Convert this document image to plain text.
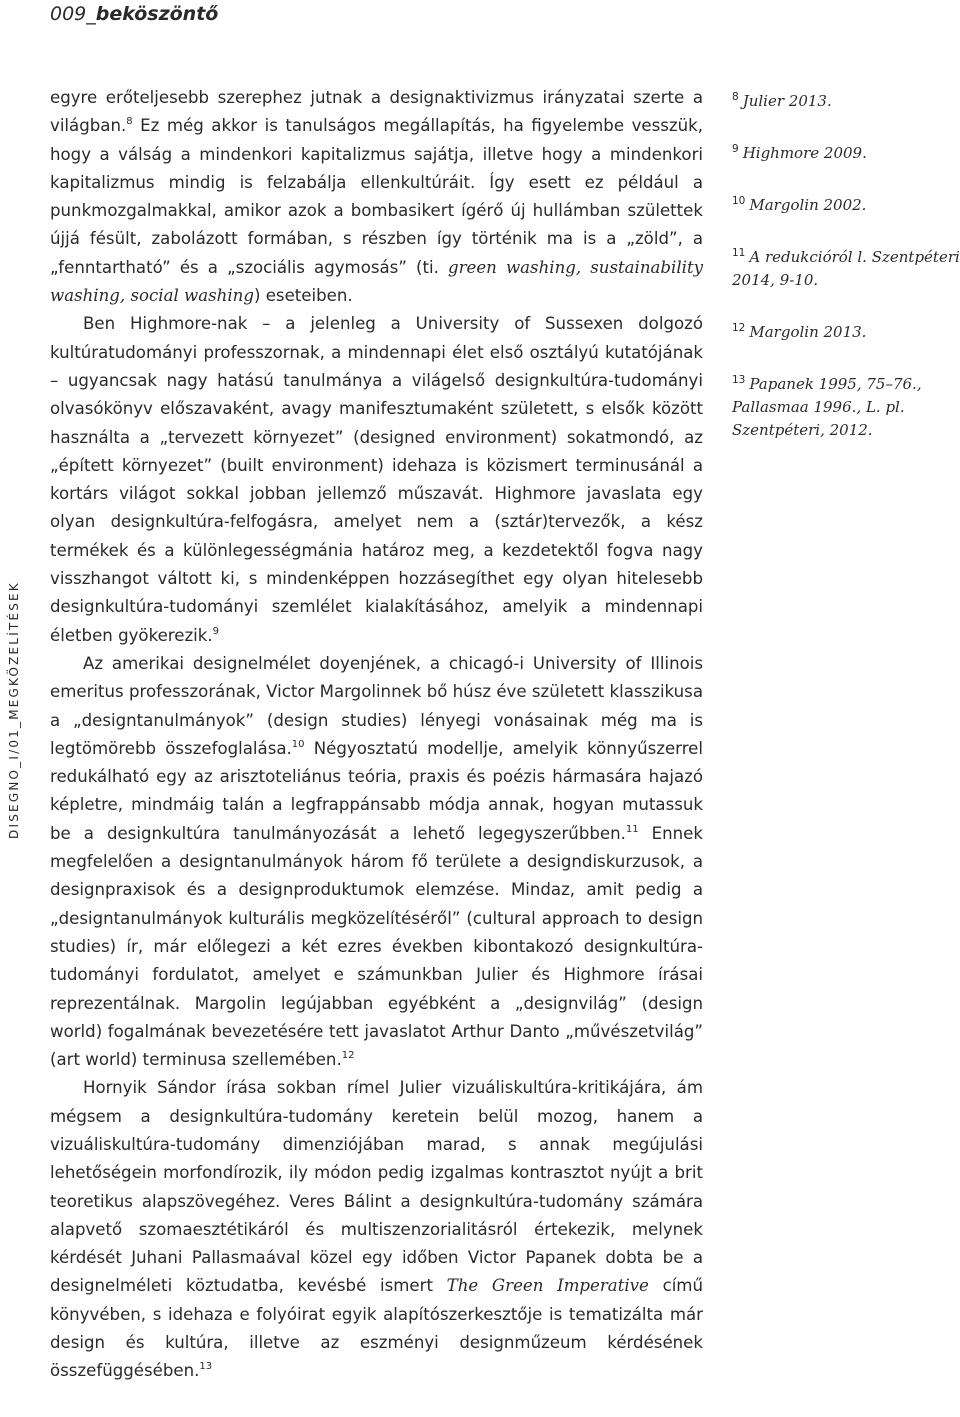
009_beköszöntő
DISEGNO_I/01_MEGKÖZELÍTÉSEK

egyre erőteljesebb szerephez jutnak a designaktivizmus irányzatai szerte a világban.$^8$ Ez még akkor is tanulságos megállapítás, ha figyelembe vesszük, hogy a válság a mindenkori kapitalizmus sajátja, illetve hogy a mindenkori kapitalizmus mindig is felzabálja ellenkultúráit. Így esett ez például a punkmozgalmakkal, amikor azok a bombasikert ígérő új hullámban születtek újjá fésült, zabolázott formában, s részben így történik ma is a „zöld”, a „fenntartható” és a „szociális agymosás” (ti. green washing, sustainability washing, social washing) eseteiben.

Ben Highmore-nak – a jelenleg a University of Sussexen dolgozó kultúratudományi professzornak, a mindennapi élet első osztályú kutatójának – ugyancsak nagy hatású tanulmánya a világelső designkultúra-tudományi olvasókönyv előszavaként, avagy manifesztumaként született, s elsők között használta a „tervezett környezet” (designed environment) sokatmondó, az „épített környezet” (built environment) idehaza is közismert terminusánál a kortárs világot sokkal jobban jellemző műszavát. Highmore javaslata egy olyan designkultúra-felfogásra, amelyet nem a (sztár)tervezők, a kész termékek és a különlegességmánia határoz meg, a kezdetektől fogva nagy visszhangot váltott ki, s mindenképpen hozzásegíthet egy olyan hitelesebb designkultúra-tudományi szemlélet kialakításához, amelyik a mindennapi életben gyökerezik.$^9$

Az amerikai designelmélet doyenjének, a chicagó-i University of Illinois emeritus professzorának, Victor Margolinnek bő húsz éve született klasszikusa a „designtanulmányok” (design studies) lényegi vonásainak még ma is legtömörebb összefoglalása.$^{10}$ Négyosztatú modellje, amelyik könnyűszerrel redukálható egy az arisztoteliánus teória, praxis és poézis hármasára hajazó képletre, mindmáig talán a legfrappánsabb módja annak, hogyan mutassuk be a designkultúra tanulmányozását a lehető legegyszerűbben.$^{11}$ Ennek megfelelően a designtanulmányok három fő területe a designdiskurzusok, a designpraxisok és a designproduktumok elemzése. Mindaz, amit pedig a „designtanulmányok kulturális megközelítéséről” (cultural approach to design studies) ír, már előlegezi a két ezres években kibontakozó designkultúra-tudományi fordulatot, amelyet e számunkban Julier és Highmore írásai reprezentálnak. Margolin legújabban egyébként a „designvilág” (design world) fogalmának bevezetésére tett javaslatot Arthur Danto „művészetvilág” (art world) terminusa szellemében.$^{12}$

Hornyik Sándor írása sokban rímel Julier vizuáliskultúra-kritikájára, ám mégsem a designkultúra-tudomány keretein belül mozog, hanem a vizuáliskultúra-tudomány dimenziójában marad, s annak megújulási lehetőségein morfondírozik, ily módon pedig izgalmas kontrasztot nyújt a brit teoretikus alapszövegéhez. Veres Bálint a designkultúra-tudomány számára alapvető szomaesztétikáról és multiszenzorialitásról értekezik, melynek kérdését Juhani Pallasmaával közel egy időben Victor Papanek dobta be a designelméleti köztudatba, kevésbé ismert The Green Imperative című könyvében, s idehaza e folyóirat egyik alapítószerkesztője is tematizálta már design és kultúra, illetve az eszményi designműzeum kérdésének összefüggésében.$^{13}$

$^8$ Julier 2013.
$^9$ Highmore 2009.
$^{10}$ Margolin 2002.
$^{11}$ A redukcióról l. Szentpéteri 2014, 9-10.
$^{12}$ Margolin 2013.
$^{13}$ Papanek 1995, 75–76., Pallasmaa 1996., L. pl. Szentpéteri, 2012.
